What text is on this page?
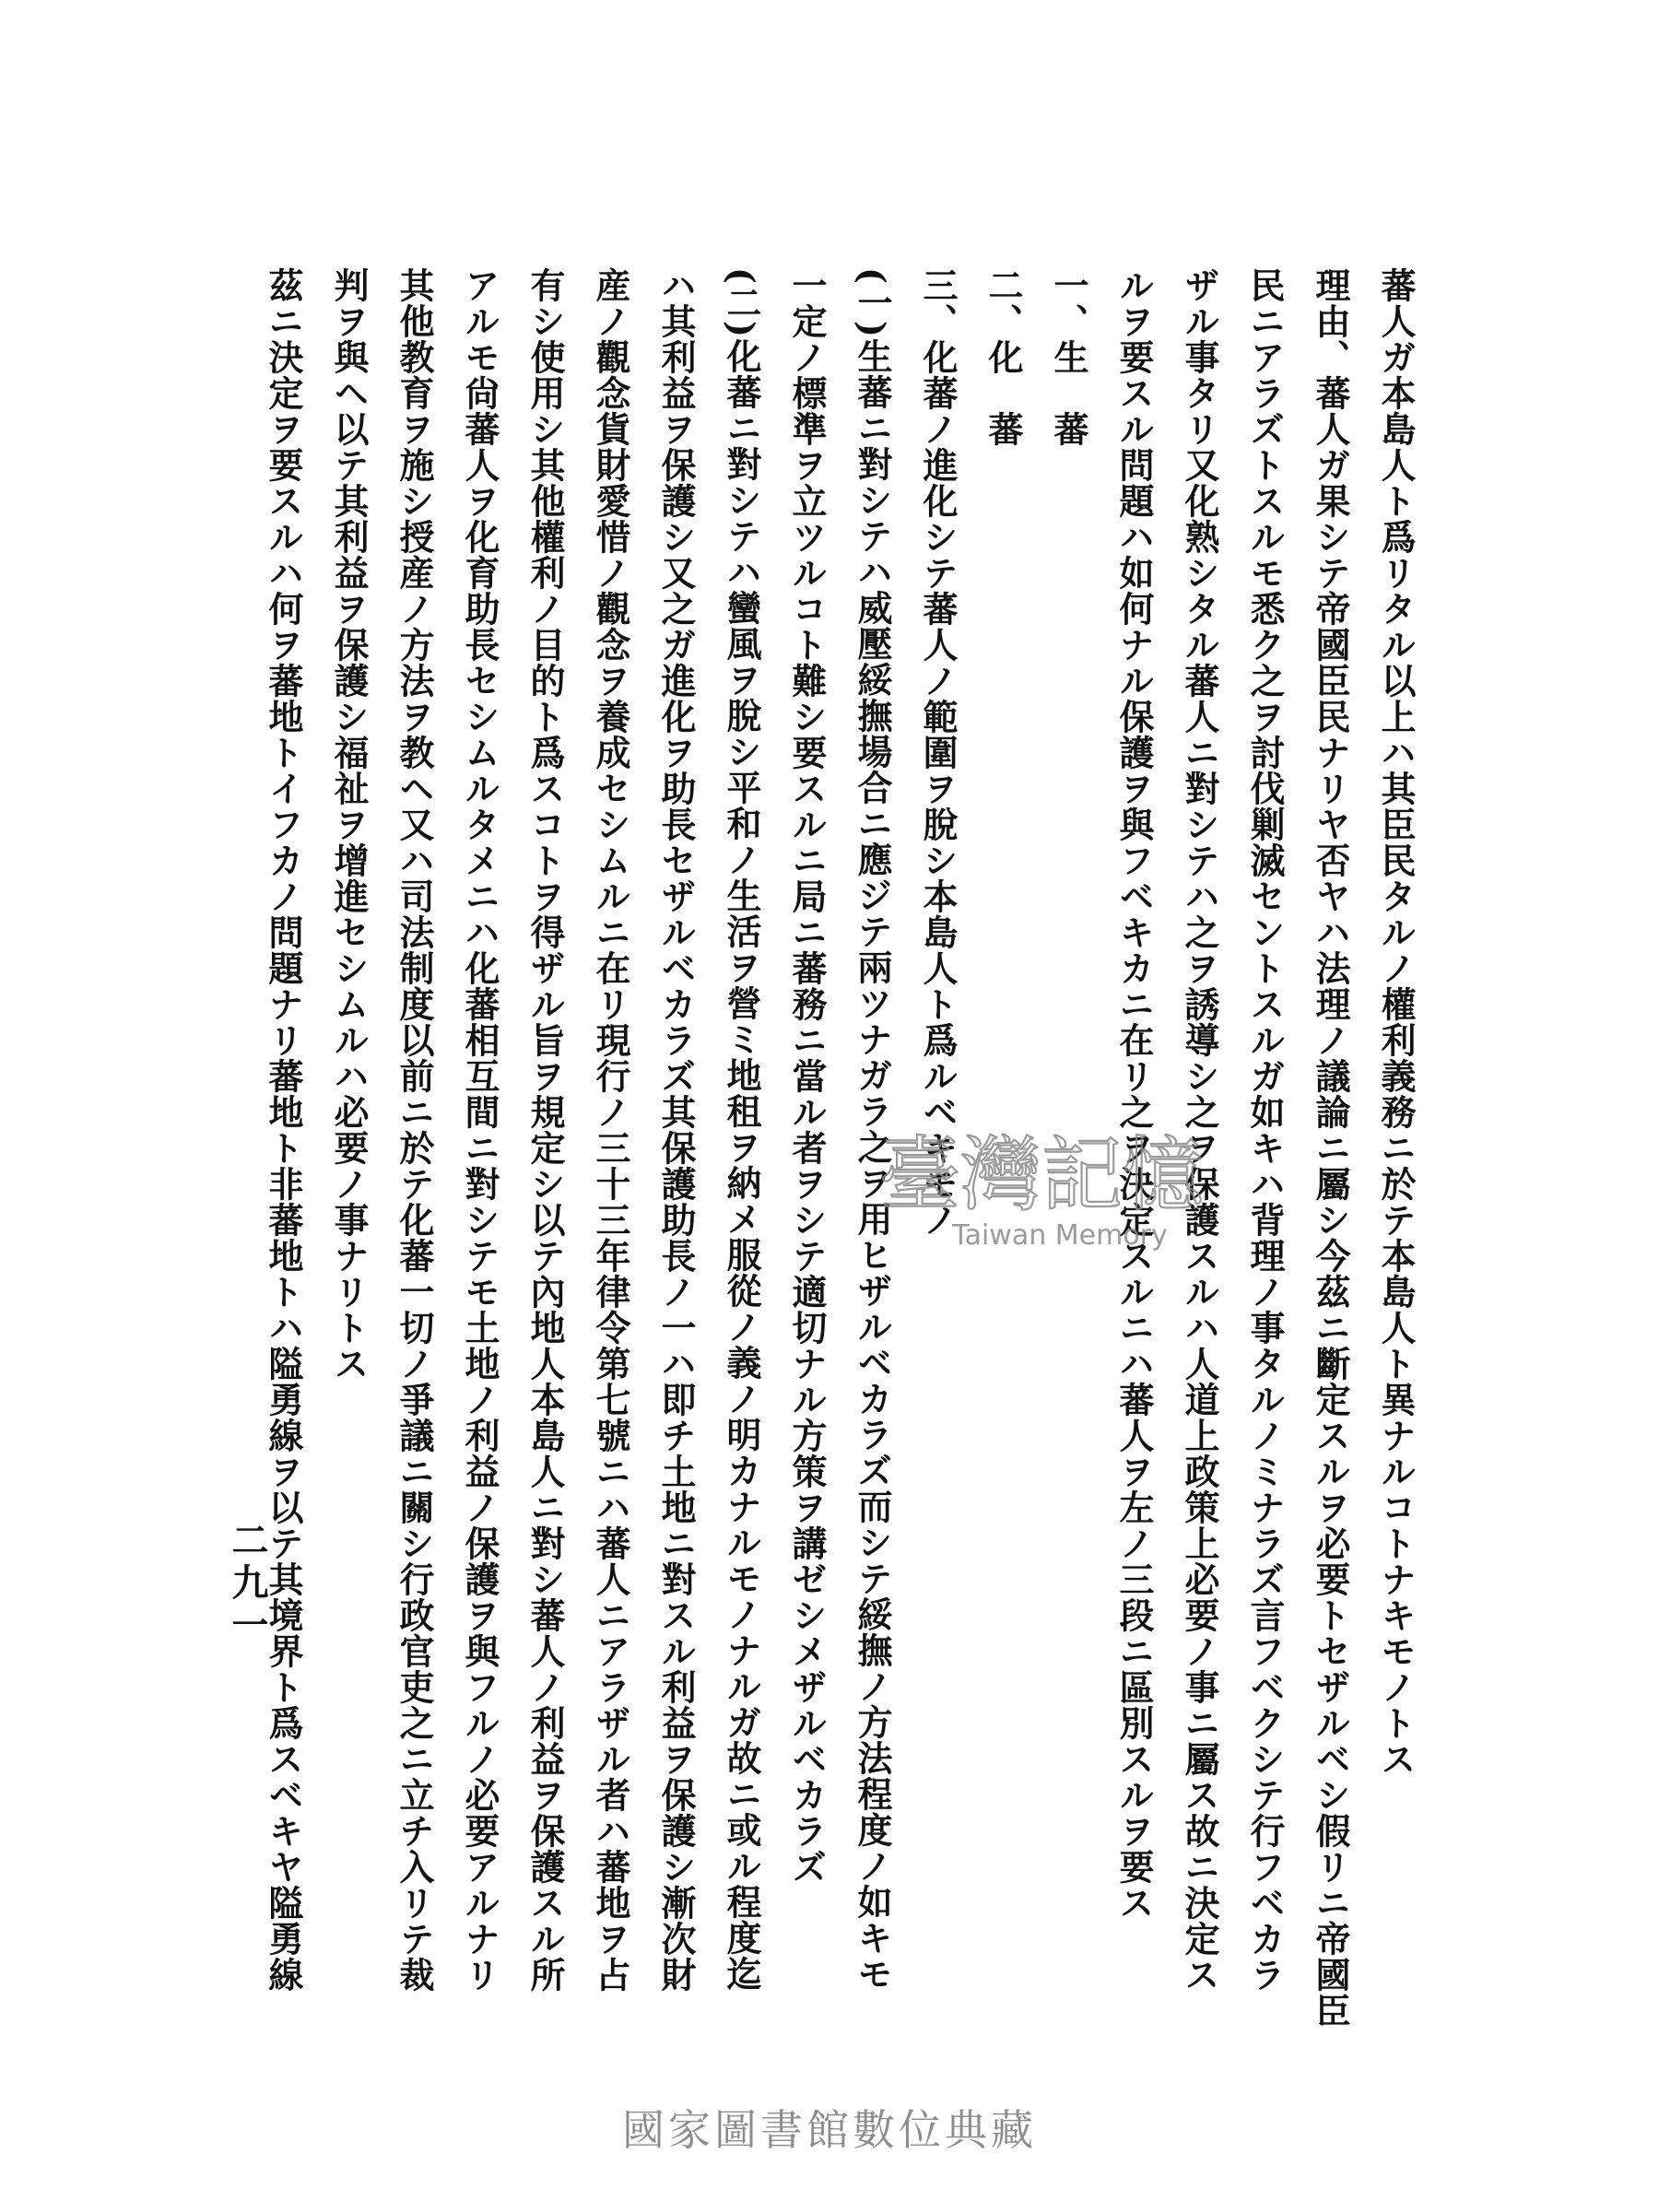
蕃人ガ本島人ト爲リタル以上ハ其臣民タルノ權利義務ニ於テ本島人ト異ナルコトナキモノトス
理由、蕃人ガ果シテ帝國臣民ナリヤ否ヤハ法理ノ議論ニ屬シ今茲ニ斷定スルヲ必要トセザルベシ假リニ帝國臣
民ニアラズトスルモ悉ク之ヲ討伐剿滅セントスルガ如キハ背理ノ事タルノミナラズ言フベクシテ行フベカラ
ザル事タリ又化熟シタル蕃人ニ對シテハ之ヲ誘導シ之ヲ保護スルハ人道上政策上必要ノ事ニ屬ス故ニ決定ス
ルヲ要スル問題ハ如何ナル保護ヲ與フベキカニ在リ之ヲ決定スルニハ蕃人ヲ左ノ三段ニ區別スルヲ要ス
一、生　蕃
二、化　蕃
三、化蕃ノ進化シテ蕃人ノ範圍ヲ脫シ本島人ト爲ルベキモノ
(一)生蕃ニ對シテハ威壓綏撫場合ニ應ジテ兩ツナガラ之ヲ用ヒザルベカラズ而シテ綏撫ノ方法程度ノ如キモ
一定ノ標準ヲ立ツルコト難シ要スルニ局ニ蕃務ニ當ル者ヲシテ適切ナル方策ヲ講ゼシメザルベカラズ
(二)化蕃ニ對シテハ蠻風ヲ脫シ平和ノ生活ヲ營ミ地租ヲ納メ服從ノ義ノ明カナルモノナルガ故ニ或ル程度迄
ハ其利益ヲ保護シ又之ガ進化ヲ助長セザルベカラズ其保護助長ノ一ハ即チ土地ニ對スル利益ヲ保護シ漸次財
産ノ觀念貨財愛惜ノ觀念ヲ養成セシムルニ在リ現行ノ三十三年律令第七號ニハ蕃人ニアラザル者ハ蕃地ヲ占
有シ使用シ其他權利ノ目的ト爲スコトヲ得ザル旨ヲ規定シ以テ內地人本島人ニ對シ蕃人ノ利益ヲ保護スル所
アルモ尙蕃人ヲ化育助長セシムルタメニハ化蕃相互間ニ對シテモ土地ノ利益ノ保護ヲ與フルノ必要アルナリ
其他教育ヲ施シ授産ノ方法ヲ教ヘ又ハ司法制度以前ニ於テ化蕃一切ノ爭議ニ關シ行政官吏之ニ立チ入リテ裁
判ヲ與ヘ以テ其利益ヲ保護シ福祉ヲ增進セシムルハ必要ノ事ナリトス
茲ニ決定ヲ要スルハ何ヲ蕃地トイフカノ問題ナリ蕃地ト非蕃地トハ隘勇線ヲ以テ其境界ト爲スベキヤ隘勇線
二九一
臺灣記憶
Taiwan Memory
國家圖書館數位典藏
